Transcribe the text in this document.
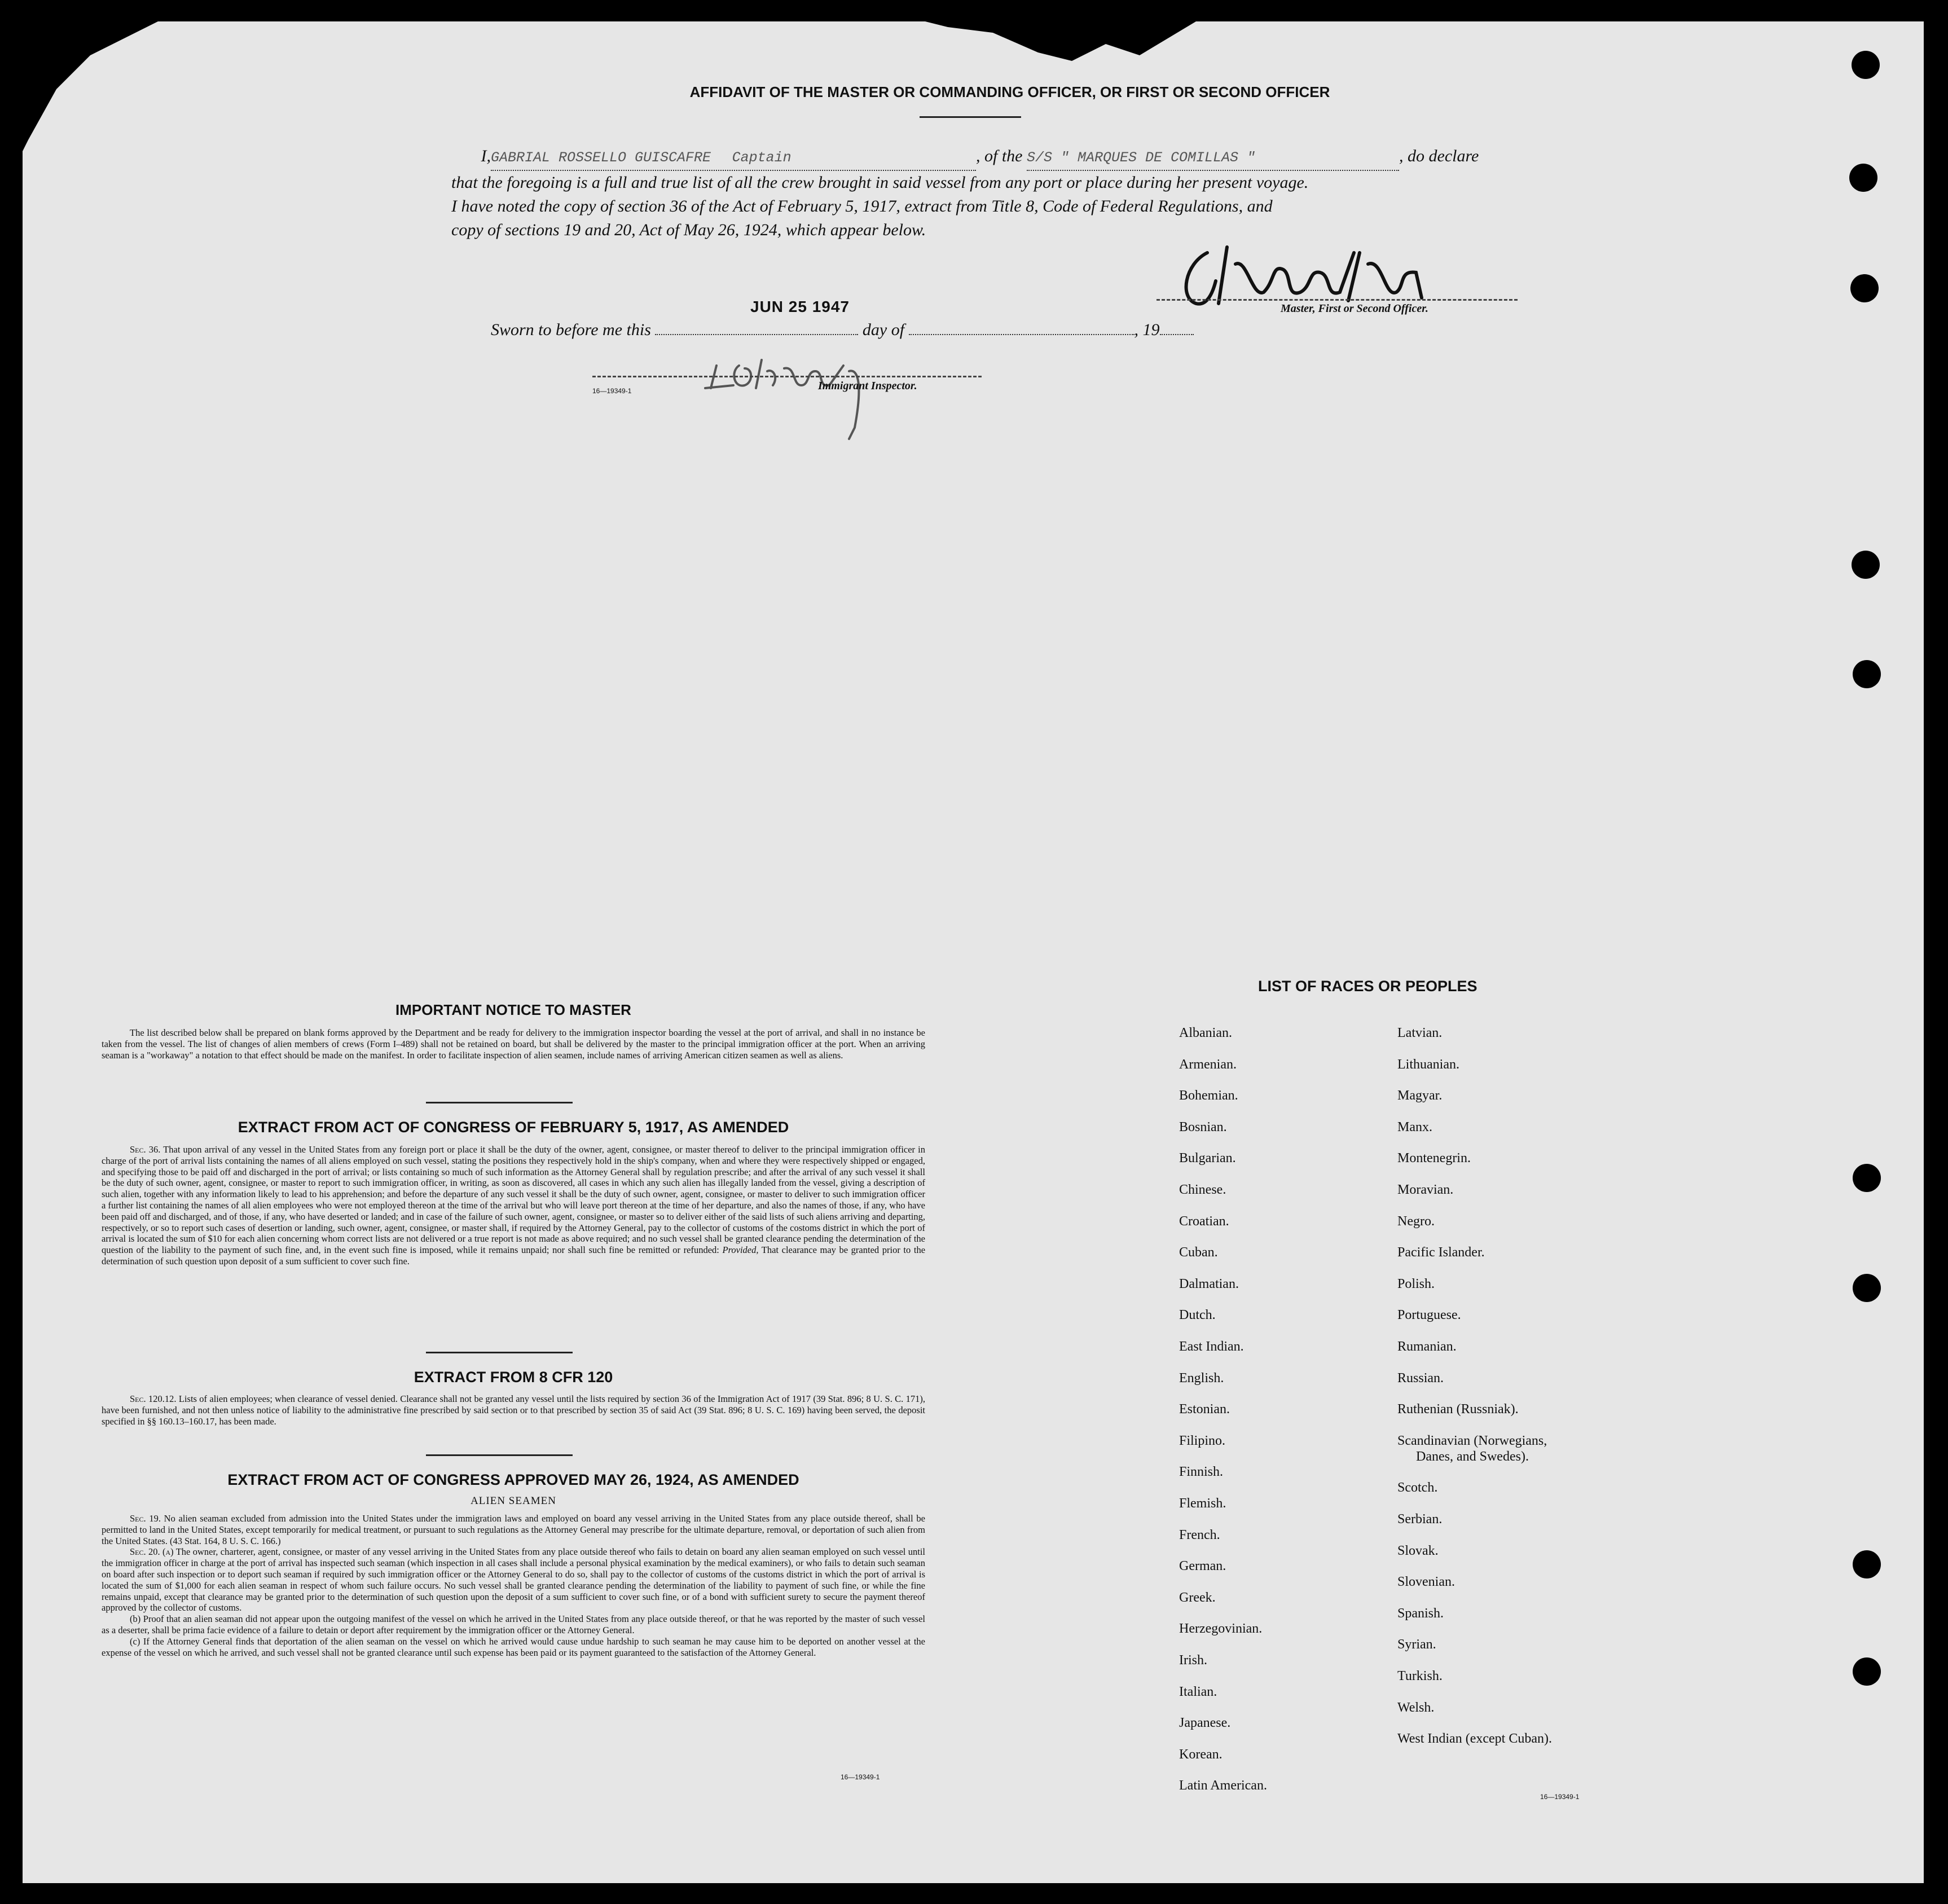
AFFIDAVIT OF THE MASTER OR COMMANDING OFFICER, OR FIRST OR SECOND OFFICER
I,GABRIAL ROSSELLO GUISCAFRE Captain	, of the S/S " MARQUES DE COMILLAS "	, do declare
that the foregoing is a full and true list of all the crew brought in said vessel from any port or place during her present voyage.
I have noted the copy of section 36 of the Act of February 5, 1917, extract from Title 8, Code of Federal Regulations, and
copy of sections 19 and 20, Act of May 26, 1924, which appear below.
Master, First or Second Officer.
JUN 25 1947
Sworn to before me this	day of	, 19
Immigrant Inspector.
16—19349-1
IMPORTANT NOTICE TO MASTER

The list described below shall be prepared on blank forms approved by the Department and be ready for delivery to the immigration inspector boarding the vessel at the port of arrival, and shall in no instance be taken from the vessel. The list of changes of alien members of crews (Form I–489) shall not be retained on board, but shall be delivered by the master to the principal immigration officer at the port. When an arriving seaman is a "workaway" a notation to that effect should be made on the manifest. In order to facilitate inspection of alien seamen, include names of arriving American citizen seamen as well as aliens.

EXTRACT FROM ACT OF CONGRESS OF FEBRUARY 5, 1917, AS AMENDED

Sec. 36. That upon arrival of any vessel in the United States from any foreign port or place it shall be the duty of the owner, agent, consignee, or master thereof to deliver to the principal immigration officer in charge of the port of arrival lists containing the names of all aliens employed on such vessel, stating the positions they respectively hold in the ship's company, when and where they were respectively shipped or engaged, and specifying those to be paid off and discharged in the port of arrival; or lists containing so much of such information as the Attorney General shall by regulation prescribe; and after the arrival of any such vessel it shall be the duty of such owner, agent, consignee, or master to report to such immigration officer, in writing, as soon as discovered, all cases in which any such alien has illegally landed from the vessel, giving a description of such alien, together with any information likely to lead to his apprehension; and before the departure of any such vessel it shall be the duty of such owner, agent, consignee, or master to deliver to such immigration officer a further list containing the names of all alien employees who were not employed thereon at the time of the arrival but who will leave port thereon at the time of her departure, and also the names of those, if any, who have been paid off and discharged, and of those, if any, who have deserted or landed; and in case of the failure of such owner, agent, consignee, or master so to deliver either of the said lists of such aliens arriving and departing, respectively, or so to report such cases of desertion or landing, such owner, agent, consignee, or master shall, if required by the Attorney General, pay to the collector of customs of the costoms district in which the port of arrival is located the sum of $10 for each alien concerning whom correct lists are not delivered or a true report is not made as above required; and no such vessel shall be granted clearance pending the determination of the question of the liability to the payment of such fine, and, in the event such fine is imposed, while it remains unpaid; nor shall such fine be remitted or refunded: Provided, That clearance may be granted prior to the determination of such question upon deposit of a sum sufficient to cover such fine.

EXTRACT FROM 8 CFR 120

Sec. 120.12. Lists of alien employees; when clearance of vessel denied. Clearance shall not be granted any vessel until the lists required by section 36 of the Immigration Act of 1917 (39 Stat. 896; 8 U. S. C. 171), have been furnished, and not then unless notice of liability to the administrative fine prescribed by said section or to that prescribed by section 35 of said Act (39 Stat. 896; 8 U. S. C. 169) having been served, the deposit specified in §§ 160.13–160.17, has been made.

EXTRACT FROM ACT OF CONGRESS APPROVED MAY 26, 1924, AS AMENDED
ALIEN SEAMEN

Sec. 19. No alien seaman excluded from admission into the United States under the immigration laws and employed on board any vessel arriving in the United States from any place outside thereof, shall be permitted to land in the United States, except temporarily for medical treatment, or pursuant to such regulations as the Attorney General may prescribe for the ultimate departure, removal, or deportation of such alien from the United States. (43 Stat. 164, 8 U. S. C. 166.)

Sec. 20. (a) The owner, charterer, agent, consignee, or master of any vessel arriving in the United States from any place outside thereof who fails to detain on board any alien seaman employed on such vessel until the immigration officer in charge at the port of arrival has inspected such seaman (which inspection in all cases shall include a personal physical examination by the medical examiners), or who fails to detain such seaman on board after such inspection or to deport such seaman if required by such immigration officer or the Attorney General to do so, shall pay to the collector of customs of the customs district in which the port of arrival is located the sum of $1,000 for each alien seaman in respect of whom such failure occurs. No such vessel shall be granted clearance pending the determination of the liability to payment of such fine, or while the fine remains unpaid, except that clearance may be granted prior to the determination of such question upon the deposit of a sum sufficient to cover such fine, or of a bond with sufficient surety to secure the payment thereof approved by the collector of customs.

(b) Proof that an alien seaman did not appear upon the outgoing manifest of the vessel on which he arrived in the United States from any place outside thereof, or that he was reported by the master of such vessel as a deserter, shall be prima facie evidence of a failure to detain or deport after requirement by the immigration officer or the Attorney General.

(c) If the Attorney General finds that deportation of the alien seaman on the vessel on which he arrived would cause undue hardship to such seaman he may cause him to be deported on another vessel at the expense of the vessel on which he arrived, and such vessel shall not be granted clearance until such expense has been paid or its payment guaranteed to the satisfaction of the Attorney General.

16—19349-1
LIST OF RACES OR PEOPLES
Albanian.
Armenian.
Bohemian.
Bosnian.
Bulgarian.
Chinese.
Croatian.
Cuban.
Dalmatian.
Dutch.
East Indian.
English.
Estonian.
Filipino.
Finnish.
Flemish.
French.
German.
Greek.
Herzegovinian.
Irish.
Italian.
Japanese.
Korean.
Latin American.
Latvian.
Lithuanian.
Magyar.
Manx.
Montenegrin.
Moravian.
Negro.
Pacific Islander.
Polish.
Portuguese.
Rumanian.
Russian.
Ruthenian (Russniak).
Scandinavian (Norwegians,
Danes, and Swedes).
Scotch.
Serbian.
Slovak.
Slovenian.
Spanish.
Syrian.
Turkish.
Welsh.
West Indian (except Cuban).
16—19349-1
